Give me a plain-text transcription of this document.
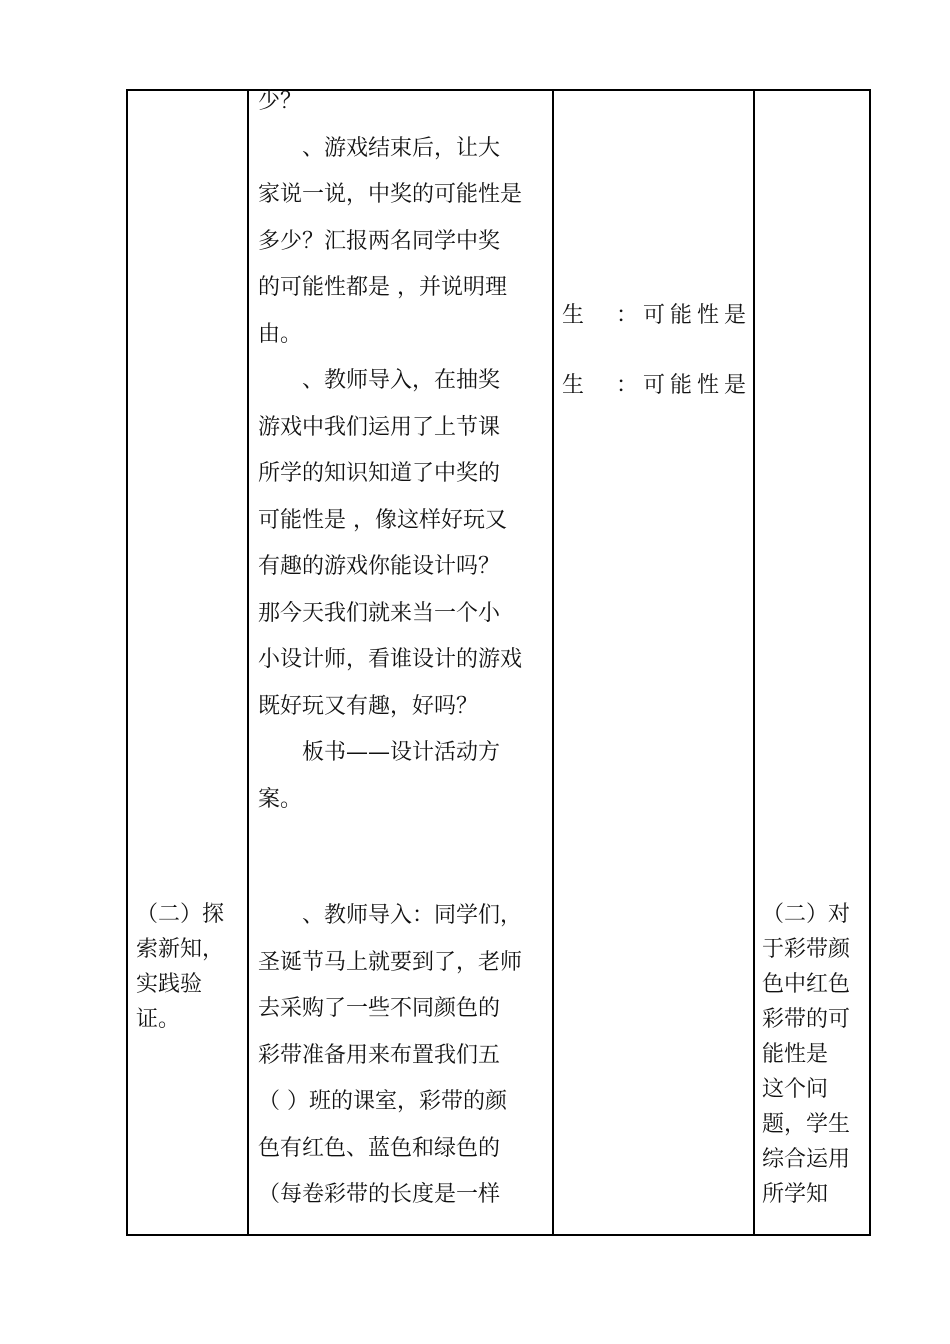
少？
　　、游戏结束后，让大
家说一说，中奖的可能性是
多少？汇报两名同学中奖
的可能性都是 ，并说明理
由。
　　、教师导入，在抽奖
游戏中我们运用了上节课
所学的知识知道了中奖的
可能性是 ，像这样好玩又
有趣的游戏你能设计吗？
那今天我们就来当一个小
小设计师，看谁设计的游戏
既好玩又有趣，好吗？
　　板书——设计活动方
案。
　　、教师导入：同学们，
圣诞节马上就要到了，老师
去采购了一些不同颜色的
彩带准备用来布置我们五
（ ）班的课室，彩带的颜
色有红色、蓝色和绿色的
（每卷彩带的长度是一样
（二）探
索新知，
实践验
证。
生　：可能性是
生　：可能性是
（二）对
于彩带颜
色中红色
彩带的可
能性是
这个问
题，学生
综合运用
所学知
